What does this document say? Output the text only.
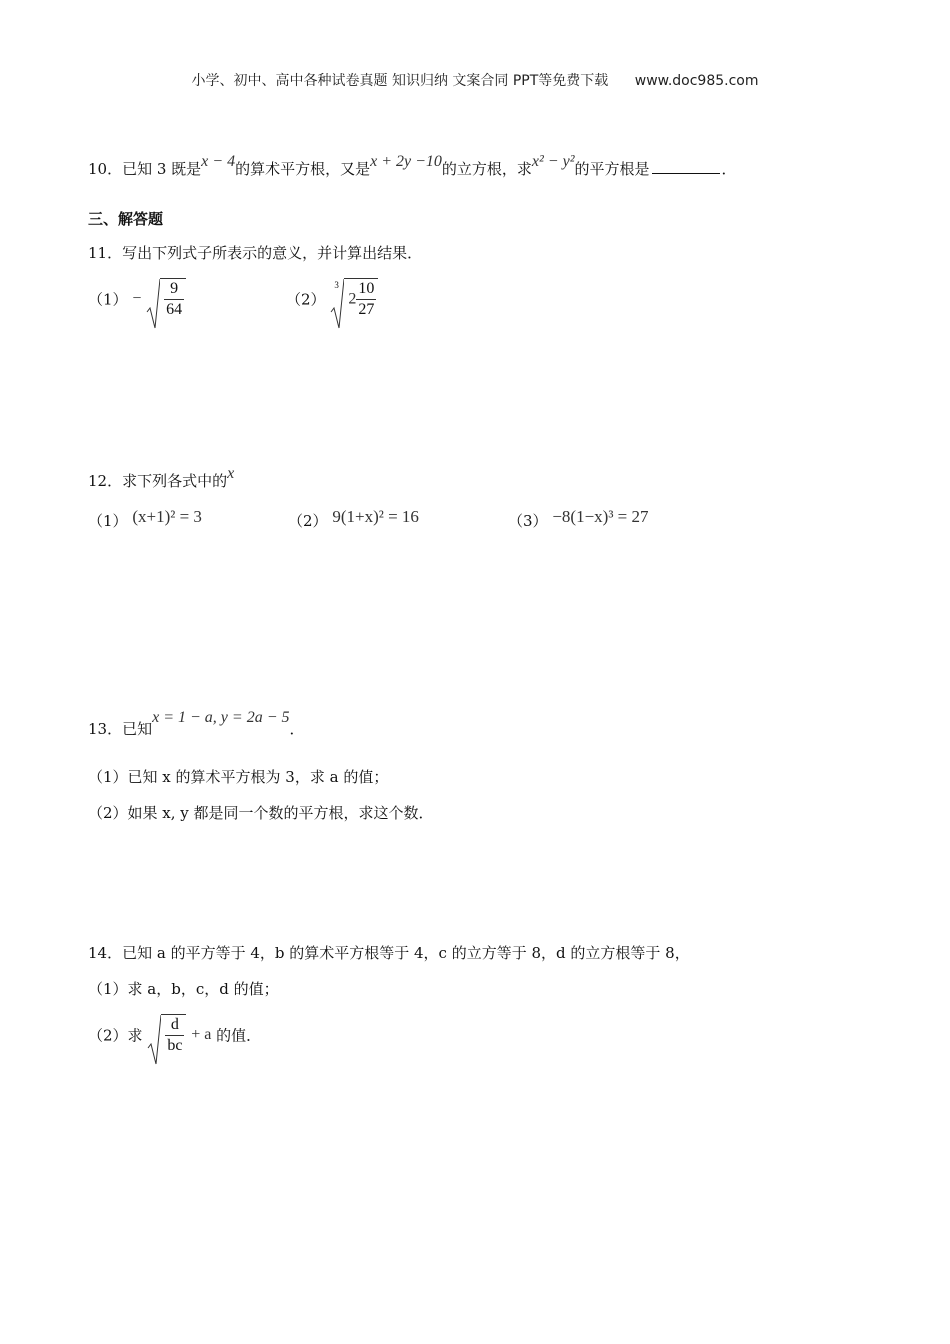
小学、初中、高中各种试卷真题 知识归纳 文案合同 PPT等免费下载 www.doc985.com
10．已知 3 既是x − 4的算术平方根，又是x + 2y −10的立方根，求x² − y²的平方根是	．
三、解答题
11．写出下列式子所表示的意义，并计算出结果．
$(1) - \frac{9}{64}$	（2）
3
$2 \frac{10}{27}$
12．求下列各式中的x
（1） (x+1)² = 3	（2） 9(1+x)² = 16	（3） −8(1−x)³ = 27
13．已知x = 1 − a, y = 2a − 5．
（1）已知 x 的算术平方根为 3，求 a 的值；
（2）如果 x, y 都是同一个数的平方根，求这个数．
14．已知 a 的平方等于 4，b 的算术平方根等于 4，c 的立方等于 8，d 的立方根等于 8，
（1）求 a，b，c，d 的值；
（2）求 $\frac{d}{bc} + a$ 的值．
